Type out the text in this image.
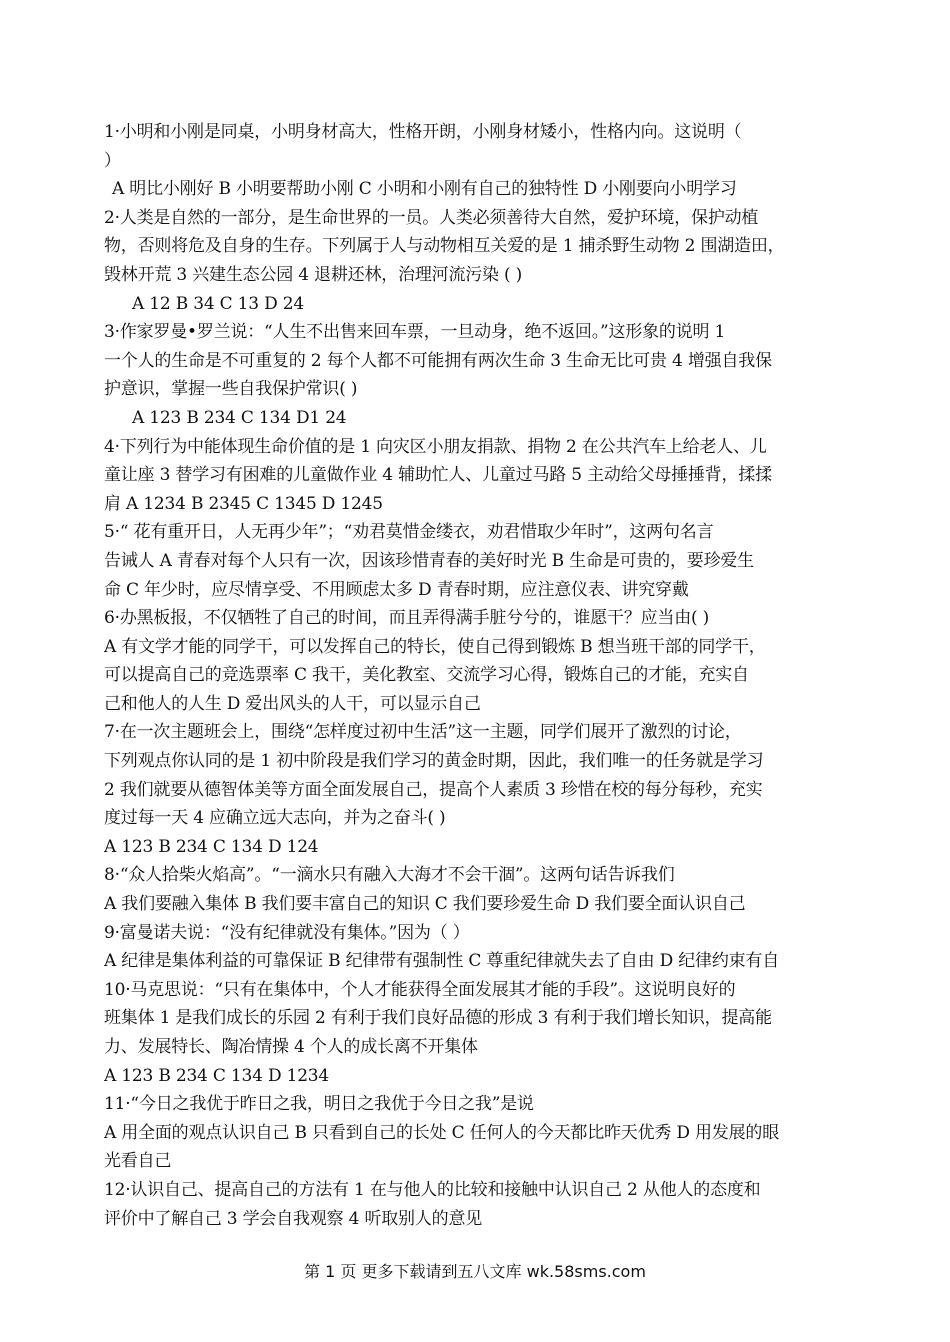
1·小明和小刚是同桌，小明身材高大，性格开朗，小刚身材矮小，性格内向。这说明（
）
A 明比小刚好 B 小明要帮助小刚 C 小明和小刚有自己的独特性 D 小刚要向小明学习
2·人类是自然的一部分，是生命世界的一员。人类必须善待大自然，爱护环境，保护动植
物，否则将危及自身的生存。下列属于人与动物相互关爱的是 1 捕杀野生动物 2 围湖造田，
毁林开荒 3 兴建生态公园 4 退耕还林，治理河流污染 ( )
A 12 B 34 C 13 D 24
3·作家罗曼•罗兰说：“人生不出售来回车票，一旦动身，绝不返回。”这形象的说明 1
一个人的生命是不可重复的 2 每个人都不可能拥有两次生命 3 生命无比可贵 4 增强自我保
护意识，掌握一些自我保护常识( )
A 123 B 234 C 134 D1 24
4·下列行为中能体现生命价值的是 1 向灾区小朋友捐款、捐物 2 在公共汽车上给老人、儿
童让座 3 替学习有困难的儿童做作业 4 辅助忙人、儿童过马路 5 主动给父母捶捶背，揉揉
肩 A 1234 B 2345 C 1345 D 1245
5·“ 花有重开日，人无再少年”；“劝君莫惜金缕衣，劝君惜取少年时”，这两句名言
告诫人 A 青春对每个人只有一次，因该珍惜青春的美好时光 B 生命是可贵的，要珍爱生
命 C 年少时，应尽情享受、不用顾虑太多 D 青春时期，应注意仪表、讲究穿戴
6·办黑板报，不仅牺牲了自己的时间，而且弄得满手脏兮兮的，谁愿干？应当由( )
A 有文学才能的同学干，可以发挥自己的特长，使自己得到锻炼 B 想当班干部的同学干，
可以提高自己的竞选票率 C 我干，美化教室、交流学习心得，锻炼自己的才能，充实自
己和他人的人生 D 爱出风头的人干，可以显示自己
7·在一次主题班会上，围绕“怎样度过初中生活”这一主题，同学们展开了激烈的讨论，
下列观点你认同的是 1 初中阶段是我们学习的黄金时期，因此，我们唯一的任务就是学习
2 我们就要从德智体美等方面全面发展自己，提高个人素质 3 珍惜在校的每分每秒，充实
度过每一天 4 应确立远大志向，并为之奋斗( )
A 123 B 234 C 134 D 124
8·“众人拾柴火焰高”。“一滴水只有融入大海才不会干涸”。这两句话告诉我们
A 我们要融入集体 B 我们要丰富自己的知识 C 我们要珍爱生命 D 我们要全面认识自己
9·富曼诺夫说：“没有纪律就没有集体。”因为（ ）
A 纪律是集体利益的可靠保证 B 纪律带有强制性 C 尊重纪律就失去了自由 D 纪律约束有自
10·马克思说：“只有在集体中，个人才能获得全面发展其才能的手段”。这说明良好的
班集体 1 是我们成长的乐园 2 有利于我们良好品德的形成 3 有利于我们增长知识，提高能
力、发展特长、陶冶情操 4 个人的成长离不开集体
A 123 B 234 C 134 D 1234
11·“今日之我优于昨日之我，明日之我优于今日之我”是说
A 用全面的观点认识自己 B 只看到自己的长处 C 任何人的今天都比昨天优秀 D 用发展的眼
光看自己
12·认识自己、提高自己的方法有 1 在与他人的比较和接触中认识自己 2 从他人的态度和
评价中了解自己 3 学会自我观察 4 听取别人的意见
第 1 页 更多下载请到五八文库 wk.58sms.com
